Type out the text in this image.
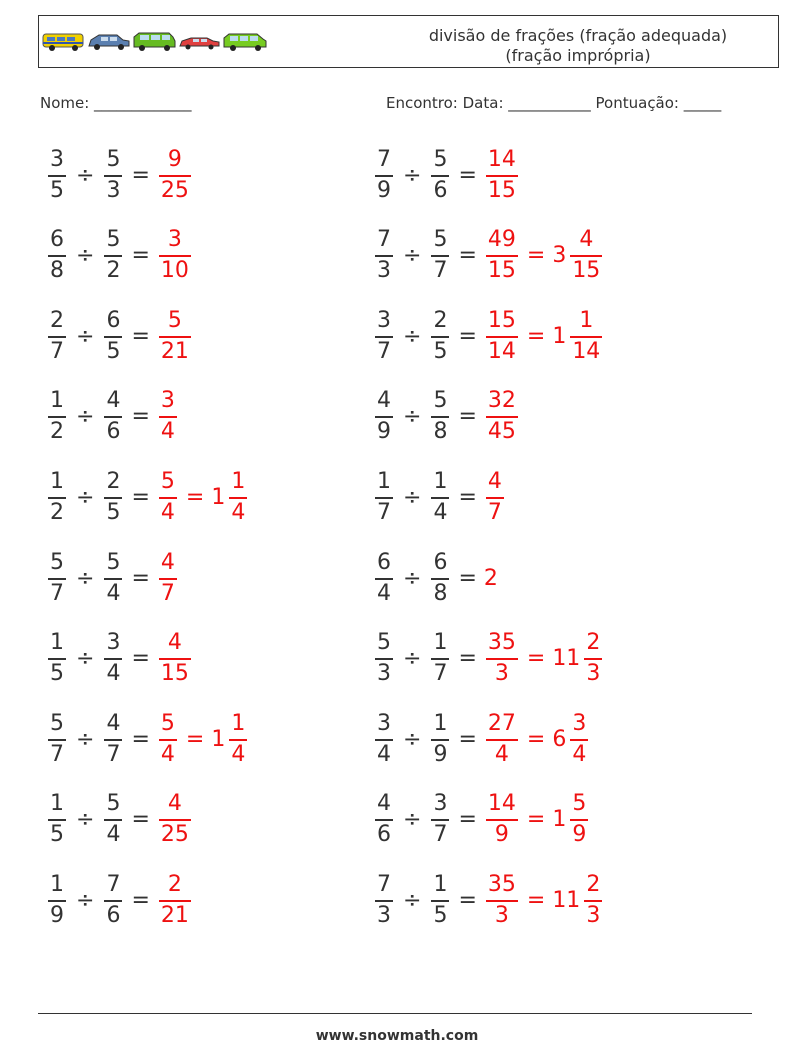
divisão de frações (fração adequada)
(fração imprópria)
Nome: _____________	Encontro: Data: ___________ Pontuação: _____
$\frac{3}{5} \div \frac{5}{3} = \frac{9}{25}$
$\frac{6}{8} \div \frac{5}{2} = \frac{3}{10}$
$\frac{2}{7} \div \frac{6}{5} = \frac{5}{21}$
$\frac{1}{2} \div \frac{4}{6} = \frac{3}{4}$
$\frac{1}{2} \div \frac{2}{5} = \frac{5}{4} = 1 \frac{1}{4}$
$\frac{5}{7} \div \frac{5}{4} = \frac{4}{7}$
$\frac{1}{5} \div \frac{3}{4} = \frac{4}{15}$
$\frac{5}{7} \div \frac{4}{7} = \frac{5}{4} = 1 \frac{1}{4}$
$\frac{1}{5} \div \frac{5}{4} = \frac{4}{25}$
$\frac{1}{9} \div \frac{7}{6} = \frac{2}{21}$
$\frac{7}{9} \div \frac{5}{6} = \frac{14}{15}$
$\frac{7}{3} \div \frac{5}{7} = \frac{49}{15} = 3 \frac{4}{15}$
$\frac{3}{7} \div \frac{2}{5} = \frac{15}{14} = 1 \frac{1}{14}$
$\frac{4}{9} \div \frac{5}{8} = \frac{32}{45}$
$\frac{1}{7} \div \frac{1}{4} = \frac{4}{7}$
$\frac{6}{4} \div \frac{6}{8} = 2$
$\frac{5}{3} \div \frac{1}{7} = \frac{35}{3} = 11 \frac{2}{3}$
$\frac{3}{4} \div \frac{1}{9} = \frac{27}{4} = 6 \frac{3}{4}$
$\frac{4}{6} \div \frac{3}{7} = \frac{14}{9} = 1 \frac{5}{9}$
$\frac{7}{3} \div \frac{1}{5} = \frac{35}{3} = 11 \frac{2}{3}$
www.snowmath.com
